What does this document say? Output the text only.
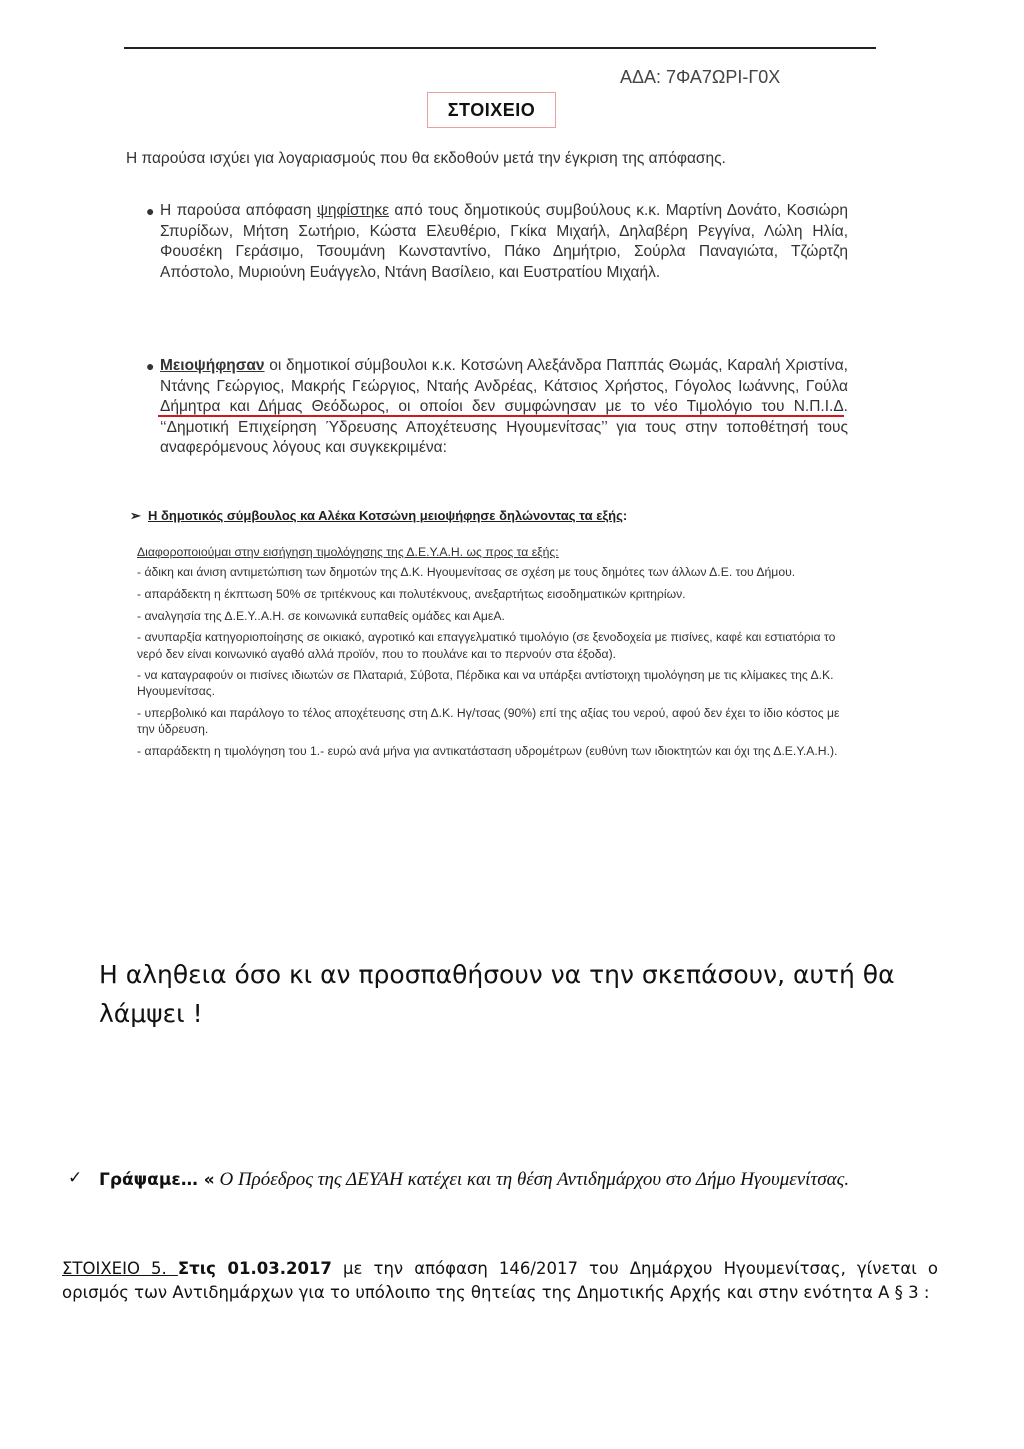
ΑΔΑ: 7ΦΑ7ΩΡΙ-Γ0Χ
ΣΤΟΙΧΕΙΟ
Η παρούσα ισχύει για λογαριασμούς που θα εκδοθούν μετά την έγκριση της απόφασης.
● Η παρούσα απόφαση ψηφίστηκε από τους δημοτικούς συμβούλους κ.κ. Μαρτίνη Δονάτο, Κοσιώρη Σπυρίδων, Μήτση Σωτήριο, Κώστα Ελευθέριο, Γκίκα Μιχαήλ, Δηλαβέρη Ρεγγίνα, Λώλη Ηλία, Φουσέκη Γεράσιμο, Τσουμάνη Κωνσταντίνο, Πάκο Δημήτριο, Σούρλα Παναγιώτα, Τζώρτζη Απόστολο, Μυριούνη Ευάγγελο, Ντάνη Βασίλειο, και Ευστρατίου Μιχαήλ.
● Μειοψήφησαν οι δημοτικοί σύμβουλοι κ.κ. Κοτσώνη Αλεξάνδρα Παππάς Θωμάς, Καραλή Χριστίνα, Ντάνης Γεώργιος, Μακρής Γεώργιος, Νταής Ανδρέας, Κάτσιος Χρήστος, Γόγολος Ιωάννης, Γούλα Δήμητρα και Δήμας Θεόδωρος, οι οποίοι δεν συμφώνησαν με το νέο Τιμολόγιο του Ν.Π.Ι.Δ. ‘‘Δημοτική Επιχείρηση Ύδρευσης Αποχέτευσης Ηγουμενίτσας’’ για τους στην τοποθέτησή τους αναφερόμενους λόγους και συγκεκριμένα:
➢ Η δημοτικός σύμβουλος κα Αλέκα Κοτσώνη μειοψήφησε δηλώνοντας τα εξής:
Διαφοροποιούμαι στην εισήγηση τιμολόγησης της Δ.Ε.Υ.Α.Η. ως προς τα εξής:
- άδικη και άνιση αντιμετώπιση των δημοτών της Δ.Κ. Ηγουμενίτσας σε σχέση με τους δημότες των άλλων Δ.Ε. του Δήμου.
- απαράδεκτη η έκπτωση 50% σε τριτέκνους και πολυτέκνους, ανεξαρτήτως εισοδηματικών κριτηρίων.
- αναλγησία της Δ.Ε.Υ..Α.Η. σε κοινωνικά ευπαθείς ομάδες και ΑμεΑ.
- ανυπαρξία κατηγοριοποίησης σε οικιακό, αγροτικό και επαγγελματικό τιμολόγιο (σε ξενοδοχεία με πισίνες, καφέ και εστιατόρια το νερό δεν είναι κοινωνικό αγαθό αλλά προϊόν, που το πουλάνε και το περνούν στα έξοδα).
- να καταγραφούν οι πισίνες ιδιωτών σε Πλαταριά, Σύβοτα, Πέρδικα και να υπάρξει αντίστοιχη τιμολόγηση με τις κλίμακες της Δ.Κ. Ηγουμενίτσας.
- υπερβολικό και παράλογο το τέλος αποχέτευσης στη Δ.Κ. Ηγ/τσας (90%) επί της αξίας του νερού, αφού δεν έχει το ίδιο κόστος με την ύδρευση.
- απαράδεκτη η τιμολόγηση του 1.- ευρώ ανά μήνα για αντικατάσταση υδρομέτρων (ευθύνη των ιδιοκτητών και όχι της Δ.Ε.Υ.Α.Η.).
Η αληθεια όσο κι αν προσπαθήσουν να την σκεπάσουν, αυτή θα λάμψει !
✓ Γράψαμε… « Ο Πρόεδρος της ΔΕΥΑΗ κατέχει και τη θέση Αντιδημάρχου στο Δήμο Ηγουμενίτσας.
ΣΤΟΙΧΕΙΟ 5. Στις 01.03.2017 με την απόφαση 146/2017 του Δημάρχου Ηγουμενίτσας, γίνεται ο ορισμός των Αντιδημάρχων για το υπόλοιπο της θητείας της Δημοτικής Αρχής και στην ενότητα Α § 3 :
